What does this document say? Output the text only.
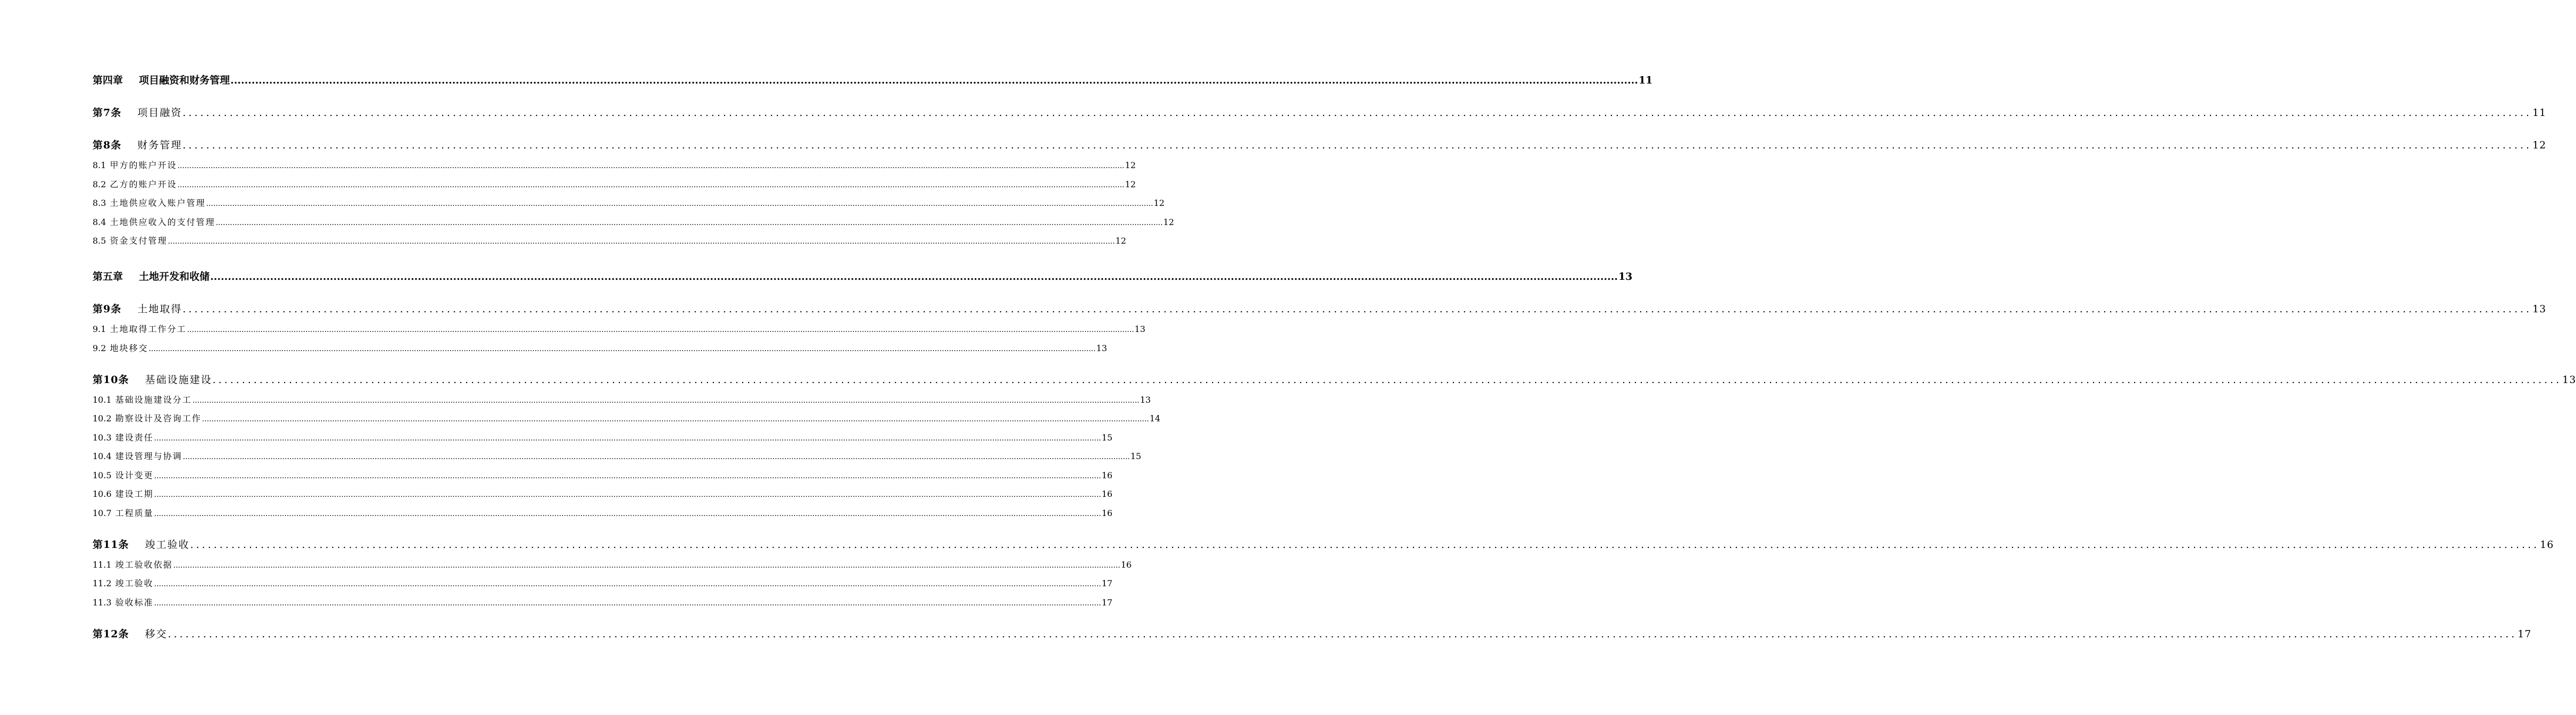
第四章 项目融资和财务管理 ................................................................................................................................................................................................................................................................................................................................................................................................................ 11
第7条 项目融资 ................................................................................................................................................................................................................................................................................................................................................................................................................ 11
第8条 财务管理 ................................................................................................................................................................................................................................................................................................................................................................................................................ 12
8.1 甲方的账户开设 ................................................................................................................................................................................................................................................................................................................................................................................................................ 12
8.2 乙方的账户开设 ................................................................................................................................................................................................................................................................................................................................................................................................................ 12
8.3 土地供应收入账户管理 ................................................................................................................................................................................................................................................................................................................................................................................................................ 12
8.4 土地供应收入的支付管理 ................................................................................................................................................................................................................................................................................................................................................................................................................ 12
8.5 资金支付管理 ................................................................................................................................................................................................................................................................................................................................................................................................................ 12
第五章 土地开发和收储 ................................................................................................................................................................................................................................................................................................................................................................................................................ 13
第9条 土地取得 ................................................................................................................................................................................................................................................................................................................................................................................................................ 13
9.1 土地取得工作分工 ................................................................................................................................................................................................................................................................................................................................................................................................................ 13
9.2 地块移交 ................................................................................................................................................................................................................................................................................................................................................................................................................ 13
第10条 基础设施建设 ................................................................................................................................................................................................................................................................................................................................................................................................................ 13
10.1 基础设施建设分工 ................................................................................................................................................................................................................................................................................................................................................................................................................ 13
10.2 勘察设计及咨询工作 ................................................................................................................................................................................................................................................................................................................................................................................................................ 14
10.3 建设责任 ................................................................................................................................................................................................................................................................................................................................................................................................................ 15
10.4 建设管理与协调 ................................................................................................................................................................................................................................................................................................................................................................................................................ 15
10.5 设计变更 ................................................................................................................................................................................................................................................................................................................................................................................................................ 16
10.6 建设工期 ................................................................................................................................................................................................................................................................................................................................................................................................................ 16
10.7 工程质量 ................................................................................................................................................................................................................................................................................................................................................................................................................ 16
第11条 竣工验收 ................................................................................................................................................................................................................................................................................................................................................................................................................ 16
11.1 竣工验收依据 ................................................................................................................................................................................................................................................................................................................................................................................................................ 16
11.2 竣工验收 ................................................................................................................................................................................................................................................................................................................................................................................................................ 17
11.3 验收标准 ................................................................................................................................................................................................................................................................................................................................................................................................................ 17
第12条 移交 ................................................................................................................................................................................................................................................................................................................................................................................................................ 17
